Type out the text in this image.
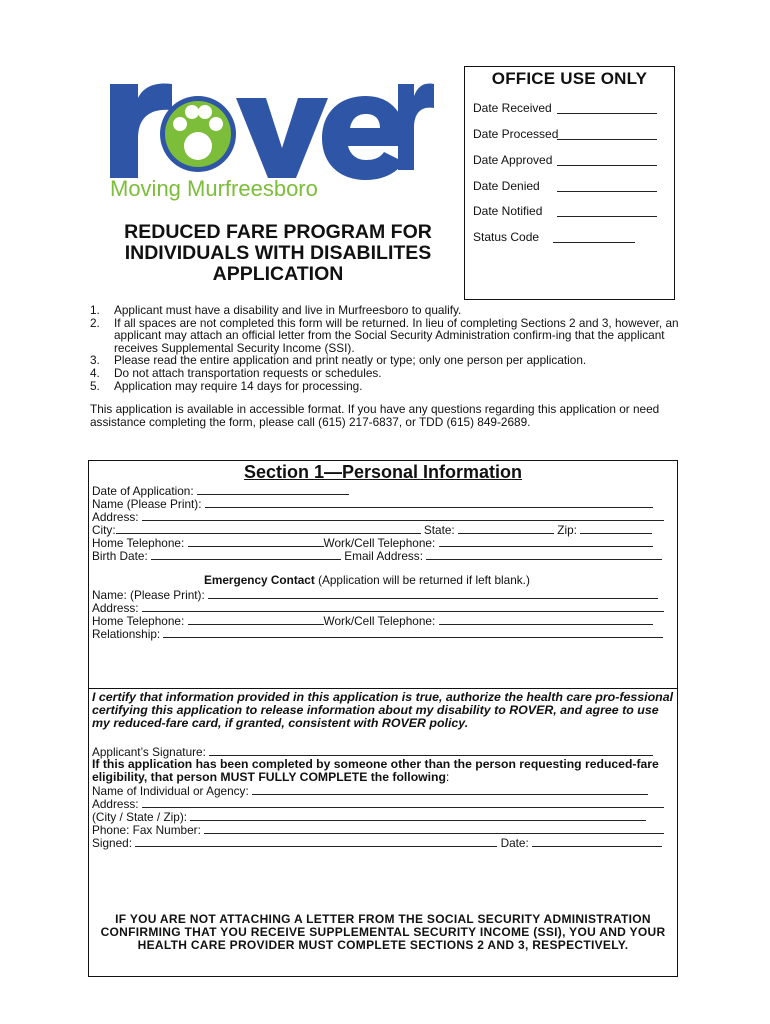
Moving Murfreesboro
OFFICE USE ONLY
Date Received
Date Processed
Date Approved
Date Denied
Date Notified
Status Code
REDUCED FARE PROGRAM FOR
INDIVIDUALS WITH DISABILITES
APPLICATION
1. Applicant must have a disability and live in Murfreesboro to qualify.
2. If all spaces are not completed this form will be returned. In lieu of completing Sections 2 and 3, however, an applicant may attach an official letter from the Social Security Administration confirm-ing that the applicant receives Supplemental Security Income (SSI).
3. Please read the entire application and print neatly or type; only one person per application.
4. Do not attach transportation requests or schedules.
5. Application may require 14 days for processing.
This application is available in accessible format. If you have any questions regarding this application or need assistance completing the form, please call (615) 217-6837, or TDD (615) 849-2689.
Section 1—Personal Information
Date of Application:
Name (Please Print):
Address:
City:	State:	Zip:
Home Telephone:	Work/Cell Telephone:
Birth Date:	Email Address:
Emergency Contact (Application will be returned if left blank.)
Name: (Please Print):
Address:
Home Telephone:	Work/Cell Telephone:
Relationship:
I certify that information provided in this application is true, authorize the health care pro-fessional certifying this application to release information about my disability to ROVER, and agree to use my reduced-fare card, if granted, consistent with ROVER policy.
Applicant’s Signature:
If this application has been completed by someone other than the person requesting reduced-fare eligibility, that person MUST FULLY COMPLETE the following:
Name of Individual or Agency:
Address:
(City / State / Zip):
Phone: Fax Number:
Signed:	Date:
IF YOU ARE NOT ATTACHING A LETTER FROM THE SOCIAL SECURITY ADMINISTRATION CONFIRMING THAT YOU RECEIVE SUPPLEMENTAL SECURITY INCOME (SSI), YOU AND YOUR HEALTH CARE PROVIDER MUST COMPLETE SECTIONS 2 AND 3, RESPECTIVELY.
